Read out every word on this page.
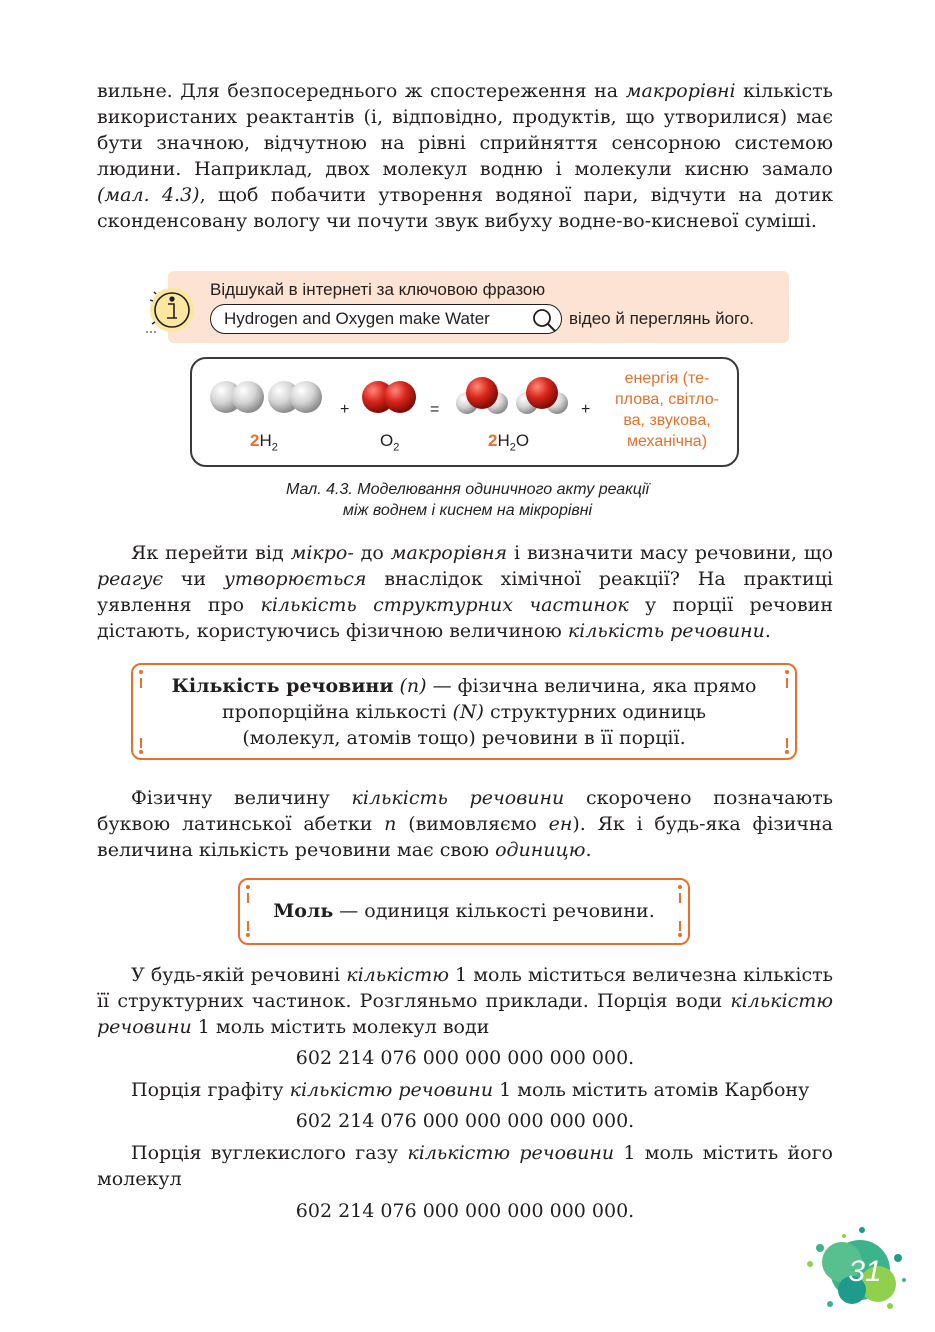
вильне. Для безпосереднього ж спостереження на макрорівні кількість використаних реактантів (і, відповідно, продуктів, що утворилися) має бути значною, відчутною на рівні сприйняття сенсорною системою людини. Наприклад, двох молекул водню і молекули кисню замало (мал. 4.3), щоб побачити утворення водяної пари, відчути на дотик сконденсовану вологу чи почути звук вибуху водне-во-кисневої суміші.

Відшукай в інтернеті за ключовою фразою
Hydrogen and Oxygen make Water	відео й переглянь його.
$2H_2$
+
$O_2$
=
$2H_2O$
+
енергія (те-
плова, світло-
ва, звукова,
механічна)
Мал. 4.3. Моделювання одиничного акту реакції
між воднем і киснем на мікрорівні

Як перейти від мікро- до макрорівня і визначити масу речовини, що реагує чи утворюється внаслідок хімічної реакції? На практиці уявлення про кількість структурних частинок у порції речовин дістають, користуючись фізичною величиною кількість речовини.

Кількість речовини (n) — фізична величина, яка прямо
пропорційна кількості (N) структурних одиниць
(молекул, атомів тощо) речовини в її порції.

Фізичну величину кількість речовини скорочено позначають буквою латинської абетки n (вимовляємо ен). Як і будь-яка фізична величина кількість речовини має свою одиницю.

Моль — одиниця кількості речовини.

У будь-якій речовині кількістю 1 моль міститься величезна кількість її структурних частинок. Розгляньмо приклади. Порція води кількістю речовини 1 моль містить молекул води

602 214 076 000 000 000 000 000.

Порція графіту кількістю речовини 1 моль містить атомів Карбону

602 214 076 000 000 000 000 000.

Порція вуглекислого газу кількістю речовини 1 моль містить його молекул

602 214 076 000 000 000 000 000.
31
